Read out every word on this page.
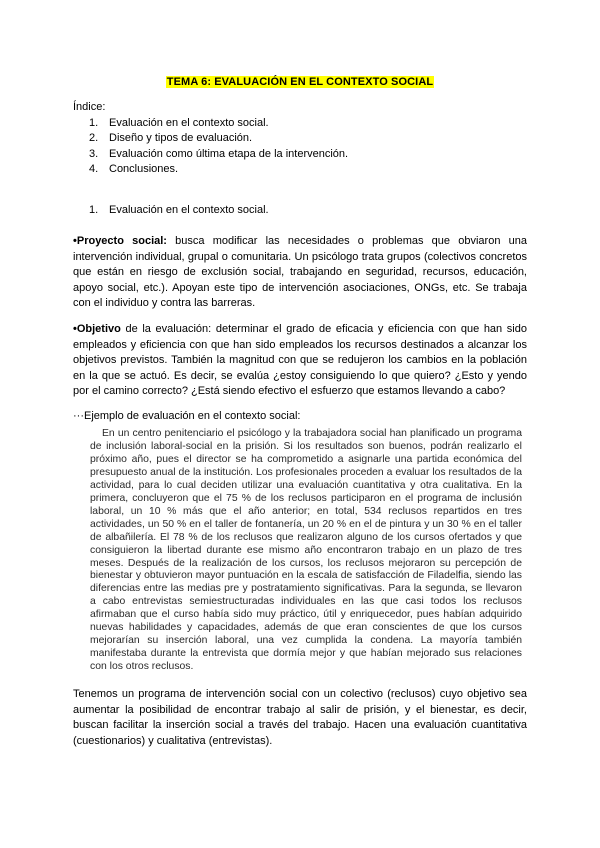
TEMA 6: EVALUACIÓN EN EL CONTEXTO SOCIAL
Índice:
1. Evaluación en el contexto social.
2. Diseño y tipos de evaluación.
3. Evaluación como última etapa de la intervención.
4. Conclusiones.
1. Evaluación en el contexto social.

•Proyecto social: busca modificar las necesidades o problemas que obviaron una intervención individual, grupal o comunitaria. Un psicólogo trata grupos (colectivos concretos que están en riesgo de exclusión social, trabajando en seguridad, recursos, educación, apoyo social, etc.). Apoyan este tipo de intervención asociaciones, ONGs, etc. Se trabaja con el individuo y contra las barreras.

•Objetivo de la evaluación: determinar el grado de eficacia y eficiencia con que han sido empleados y eficiencia con que han sido empleados los recursos destinados a alcanzar los objetivos previstos. También la magnitud con que se redujeron los cambios en la población en la que se actuó. Es decir, se evalúa ¿estoy consiguiendo lo que quiero? ¿Esto y yendo por el camino correcto? ¿Está siendo efectivo el esfuerzo que estamos llevando a cabo?

···Ejemplo de evaluación en el contexto social:

En un centro penitenciario el psicólogo y la trabajadora social han planificado un programa de inclusión laboral-social en la prisión. Si los resultados son buenos, podrán realizarlo el próximo año, pues el director se ha comprometido a asignarle una partida económica del presupuesto anual de la institución. Los profesionales proceden a evaluar los resultados de la actividad, para lo cual deciden utilizar una evaluación cuantitativa y otra cualitativa. En la primera, concluyeron que el 75 % de los reclusos participaron en el programa de inclusión laboral, un 10 % más que el año anterior; en total, 534 reclusos repartidos en tres actividades, un 50 % en el taller de fontanería, un 20 % en el de pintura y un 30 % en el taller de albañilería. El 78 % de los reclusos que realizaron alguno de los cursos ofertados y que consiguieron la libertad durante ese mismo año encontraron trabajo en un plazo de tres meses. Después de la realización de los cursos, los reclusos mejoraron su percepción de bienestar y obtuvieron mayor puntuación en la escala de satisfacción de Filadelfia, siendo las diferencias entre las medias pre y postratamiento significativas. Para la segunda, se llevaron a cabo entrevistas semiestructuradas individuales en las que casi todos los reclusos afirmaban que el curso había sido muy práctico, útil y enriquecedor, pues habían adquirido nuevas habilidades y capacidades, además de que eran conscientes de que los cursos mejorarían su inserción laboral, una vez cumplida la condena. La mayoría también manifestaba durante la entrevista que dormía mejor y que habían mejorado sus relaciones con los otros reclusos.

Tenemos un programa de intervención social con un colectivo (reclusos) cuyo objetivo sea aumentar la posibilidad de encontrar trabajo al salir de prisión, y el bienestar, es decir, buscan facilitar la inserción social a través del trabajo. Hacen una evaluación cuantitativa (cuestionarios) y cualitativa (entrevistas).
